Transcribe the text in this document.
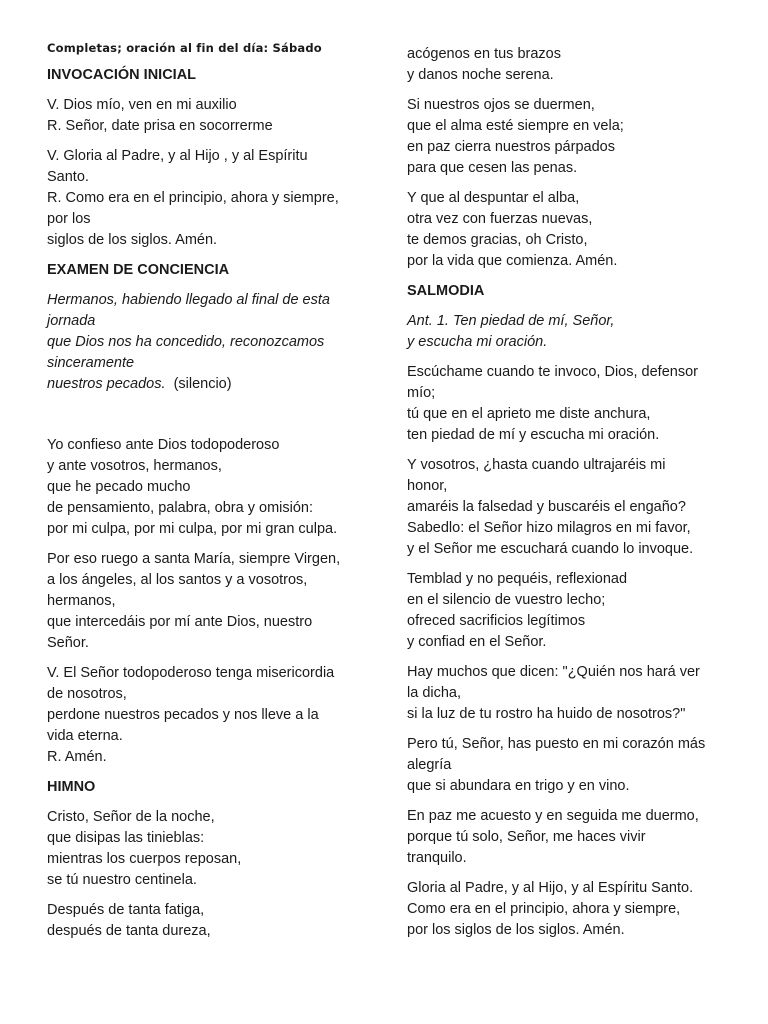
Completas; oración al fin del día: Sábado
INVOCACIÓN INICIAL

V. Dios mío, ven en mi auxilio
R. Señor, date prisa en socorrerme

V. Gloria al Padre, y al Hijo , y al Espíritu
Santo.
R. Como era en el principio, ahora y siempre,
por los
siglos de los siglos. Amén.

EXAMEN DE CONCIENCIA

Hermanos, habiendo llegado al final de esta
jornada
que Dios nos ha concedido, reconozcamos
sinceramente
nuestros pecados. (silencio)

Yo confieso ante Dios todopoderoso
y ante vosotros, hermanos,
que he pecado mucho
de pensamiento, palabra, obra y omisión:
por mi culpa, por mi culpa, por mi gran culpa.

Por eso ruego a santa María, siempre Virgen,
a los ángeles, al los santos y a vosotros,
hermanos,
que intercedáis por mí ante Dios, nuestro
Señor.

V. El Señor todopoderoso tenga misericordia
de nosotros,
perdone nuestros pecados y nos lleve a la
vida eterna.
R. Amén.

HIMNO

Cristo, Señor de la noche,
que disipas las tinieblas:
mientras los cuerpos reposan,
se tú nuestro centinela.

Después de tanta fatiga,
después de tanta dureza,

acógenos en tus brazos
y danos noche serena.

Si nuestros ojos se duermen,
que el alma esté siempre en vela;
en paz cierra nuestros párpados
para que cesen las penas.

Y que al despuntar el alba,
otra vez con fuerzas nuevas,
te demos gracias, oh Cristo,
por la vida que comienza. Amén.

SALMODIA

Ant. 1. Ten piedad de mí, Señor,
y escucha mi oración.

Escúchame cuando te invoco, Dios, defensor
mío;
tú que en el aprieto me diste anchura,
ten piedad de mí y escucha mi oración.

Y vosotros, ¿hasta cuando ultrajaréis mi
honor,
amaréis la falsedad y buscaréis el engaño?
Sabedlo: el Señor hizo milagros en mi favor,
y el Señor me escuchará cuando lo invoque.

Temblad y no pequéis, reflexionad
en el silencio de vuestro lecho;
ofreced sacrificios legítimos
y confiad en el Señor.

Hay muchos que dicen: "¿Quién nos hará ver
la dicha,
si la luz de tu rostro ha huido de nosotros?"

Pero tú, Señor, has puesto en mi corazón más
alegría
que si abundara en trigo y en vino.

En paz me acuesto y en seguida me duermo,
porque tú solo, Señor, me haces vivir
tranquilo.

Gloria al Padre, y al Hijo, y al Espíritu Santo.
Como era en el principio, ahora y siempre,
por los siglos de los siglos. Amén.
